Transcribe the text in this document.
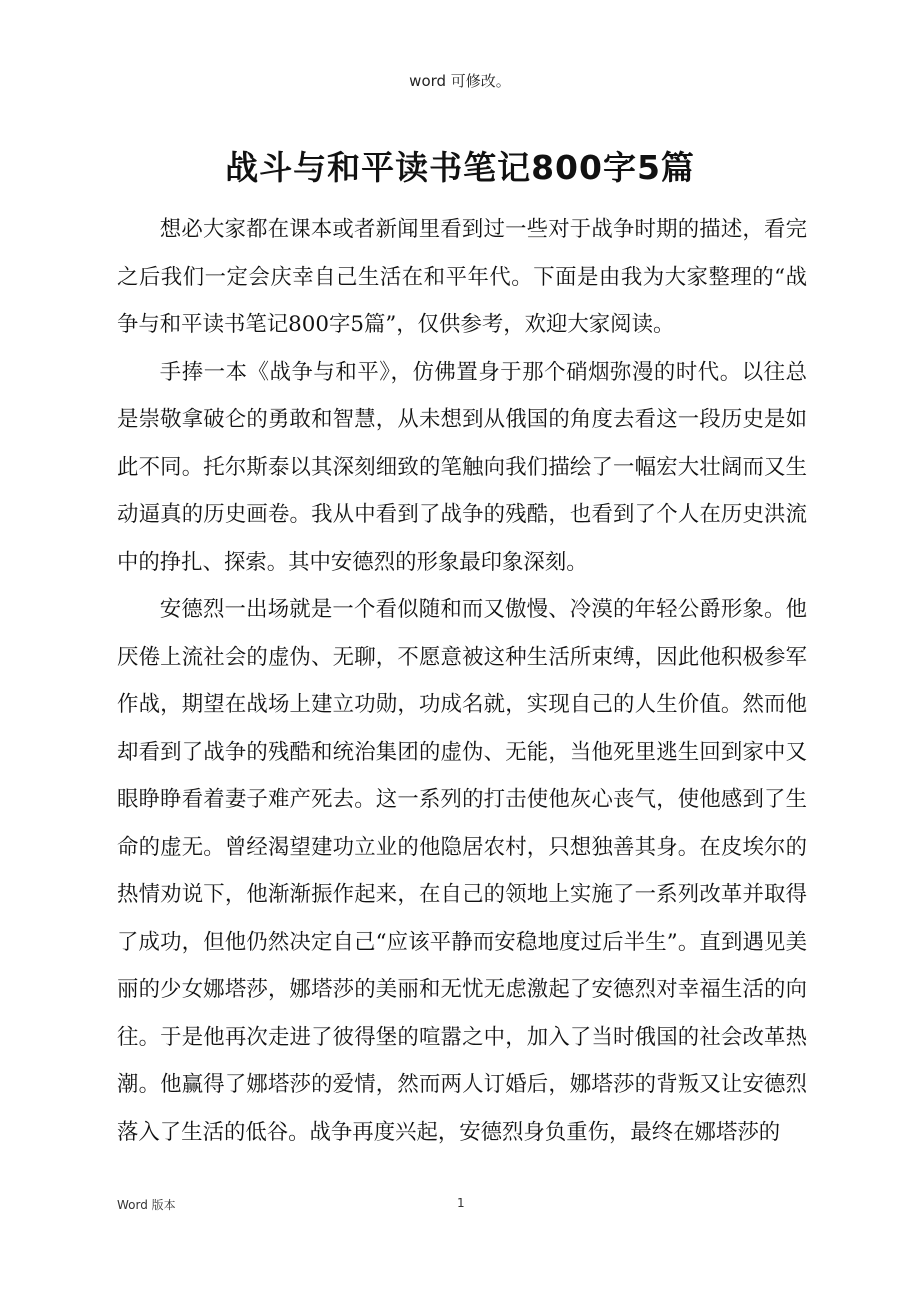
word 可修改。
战斗与和平读书笔记800字5篇

想必大家都在课本或者新闻里看到过一些对于战争时期的描述，看完之后我们一定会庆幸自己生活在和平年代。下面是由我为大家整理的“战争与和平读书笔记800字5篇”，仅供参考，欢迎大家阅读。

手捧一本《战争与和平》，仿佛置身于那个硝烟弥漫的时代。以往总是崇敬拿破仑的勇敢和智慧，从未想到从俄国的角度去看这一段历史是如此不同。托尔斯泰以其深刻细致的笔触向我们描绘了一幅宏大壮阔而又生动逼真的历史画卷。我从中看到了战争的残酷，也看到了个人在历史洪流中的挣扎、探索。其中安德烈的形象最印象深刻。

安德烈一出场就是一个看似随和而又傲慢、冷漠的年轻公爵形象。他厌倦上流社会的虚伪、无聊，不愿意被这种生活所束缚，因此他积极参军作战，期望在战场上建立功勋，功成名就，实现自己的人生价值。然而他却看到了战争的残酷和统治集团的虚伪、无能，当他死里逃生回到家中又眼睁睁看着妻子难产死去。这一系列的打击使他灰心丧气，使他感到了生命的虚无。曾经渴望建功立业的他隐居农村，只想独善其身。在皮埃尔的热情劝说下，他渐渐振作起来，在自己的领地上实施了一系列改革并取得了成功，但他仍然决定自己“应该平静而安稳地度过后半生”。直到遇见美丽的少女娜塔莎，娜塔莎的美丽和无忧无虑激起了安德烈对幸福生活的向往。于是他再次走进了彼得堡的喧嚣之中，加入了当时俄国的社会改革热潮。他赢得了娜塔莎的爱情，然而两人订婚后，娜塔莎的背叛又让安德烈落入了生活的低谷。战争再度兴起，安德烈身负重伤，最终在娜塔莎的

Word 版本	1
